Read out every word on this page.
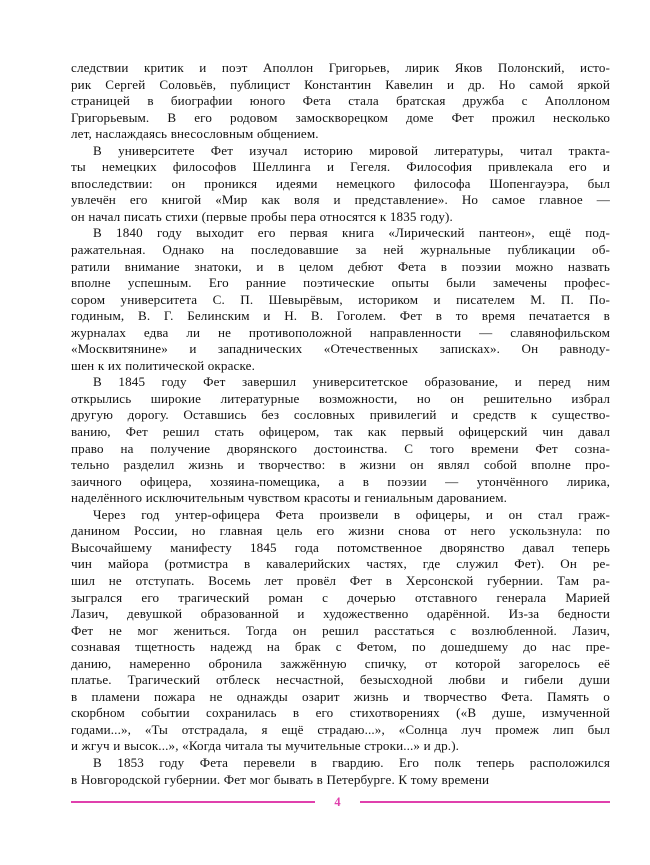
следствии критик и поэт Аполлон Григорьев, лирик Яков Полонский, исто-
рик Сергей Соловьёв, публицист Константин Кавелин и др. Но самой яркой
страницей в биографии юного Фета стала братская дружба с Аполлоном
Григорьевым. В его родовом замоскворецком доме Фет прожил несколько
лет, наслаждаясь внесословным общением.

В университете Фет изучал историю мировой литературы, читал тракта-
ты немецких философов Шеллинга и Гегеля. Философия привлекала его и
впоследствии: он проникся идеями немецкого философа Шопенгауэра, был
увлечён его книгой «Мир как воля и представление». Но самое главное —
он начал писать стихи (первые пробы пера относятся к 1835 году).

В 1840 году выходит его первая книга «Лирический пантеон», ещё под-
ражательная. Однако на последовавшие за ней журнальные публикации об-
ратили внимание знатоки, и в целом дебют Фета в поэзии можно назвать
вполне успешным. Его ранние поэтические опыты были замечены профес-
сором университета С. П. Шевырёвым, историком и писателем М. П. По-
годиным, В. Г. Белинским и Н. В. Гоголем. Фет в то время печатается в
журналах едва ли не противоположной направленности — славянофильском
«Москвитянине» и западнических «Отечественных записках». Он равноду-
шен к их политической окраске.

В 1845 году Фет завершил университетское образование, и перед ним
открылись широкие литературные возможности, но он решительно избрал
другую дорогу. Оставшись без сословных привилегий и средств к существо-
ванию, Фет решил стать офицером, так как первый офицерский чин давал
право на получение дворянского достоинства. С того времени Фет созна-
тельно разделил жизнь и творчество: в жизни он являл собой вполне про-
заичного офицера, хозяина-помещика, а в поэзии — утончённого лирика,
наделённого исключительным чувством красоты и гениальным дарованием.

Через год унтер-офицера Фета произвели в офицеры, и он стал граж-
данином России, но главная цель его жизни снова от него ускользнула: по
Высочайшему манифесту 1845 года потомственное дворянство давал теперь
чин майора (ротмистра в кавалерийских частях, где служил Фет). Он ре-
шил не отступать. Восемь лет провёл Фет в Херсонской губернии. Там ра-
зыгрался его трагический роман с дочерью отставного генерала Марией
Лазич, девушкой образованной и художественно одарённой. Из-за бедности
Фет не мог жениться. Тогда он решил расстаться с возлюбленной. Лазич,
сознавая тщетность надежд на брак с Фетом, по дошедшему до нас пре-
данию, намеренно обронила зажжённую спичку, от которой загорелось её
платье. Трагический отблеск несчастной, безысходной любви и гибели души
в пламени пожара не однажды озарит жизнь и творчество Фета. Память о
скорбном событии сохранилась в его стихотворениях («В душе, измученной
годами...», «Ты отстрадала, я ещё страдаю...», «Солнца луч промеж лип был
и жгуч и высок...», «Когда читала ты мучительные строки...» и др.).

В 1853 году Фета перевели в гвардию. Его полк теперь расположился
в Новгородской губернии. Фет мог бывать в Петербурге. К тому времени

4
